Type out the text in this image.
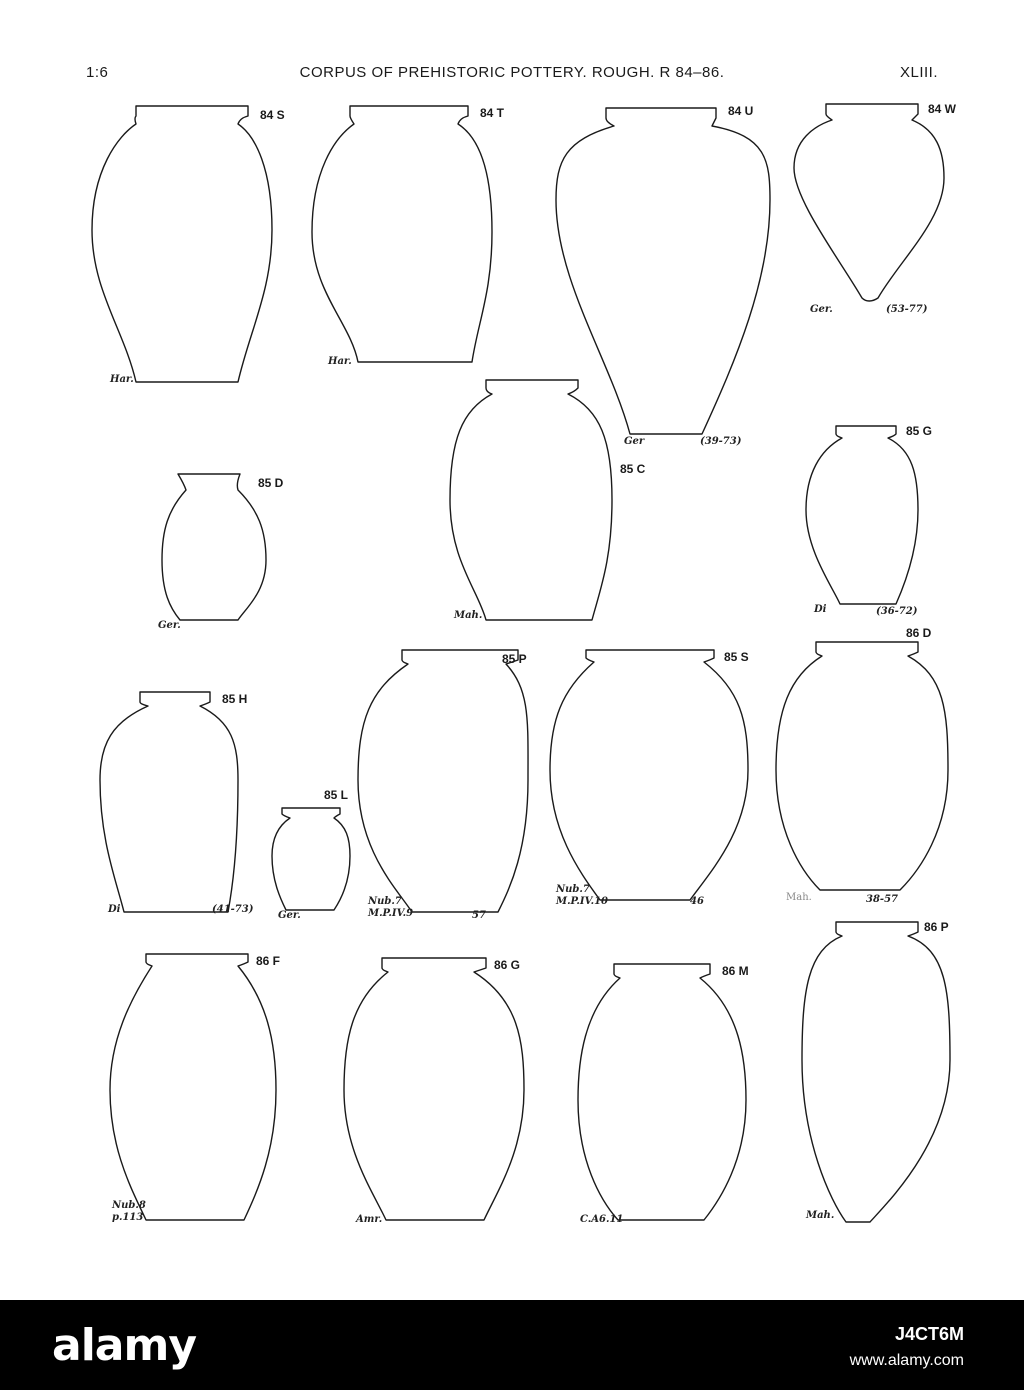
1:6	CORPUS OF PREHISTORIC POTTERY. ROUGH. R 84–86.	XLIII.
84 S	84 T	84 U	84 W
85 D
85 C
85 G
85 H
85 L
85 P	85 S
86 D
86 F	86 G	86 M
86 P
Har.
Har.
Ger	(39-73)
Ger.	(53-77)
Ger.
Mah.
Di	(36-72)
Di	(41-73)
Ger.
Nub.7
M.P.IV.9	57
Nub.7
M.P.IV.10	46	Mah.	38-57
Nub.8
p.113	Amr.	C.A6.11	Mah.
alamy	J4CT6M
www.alamy.com
